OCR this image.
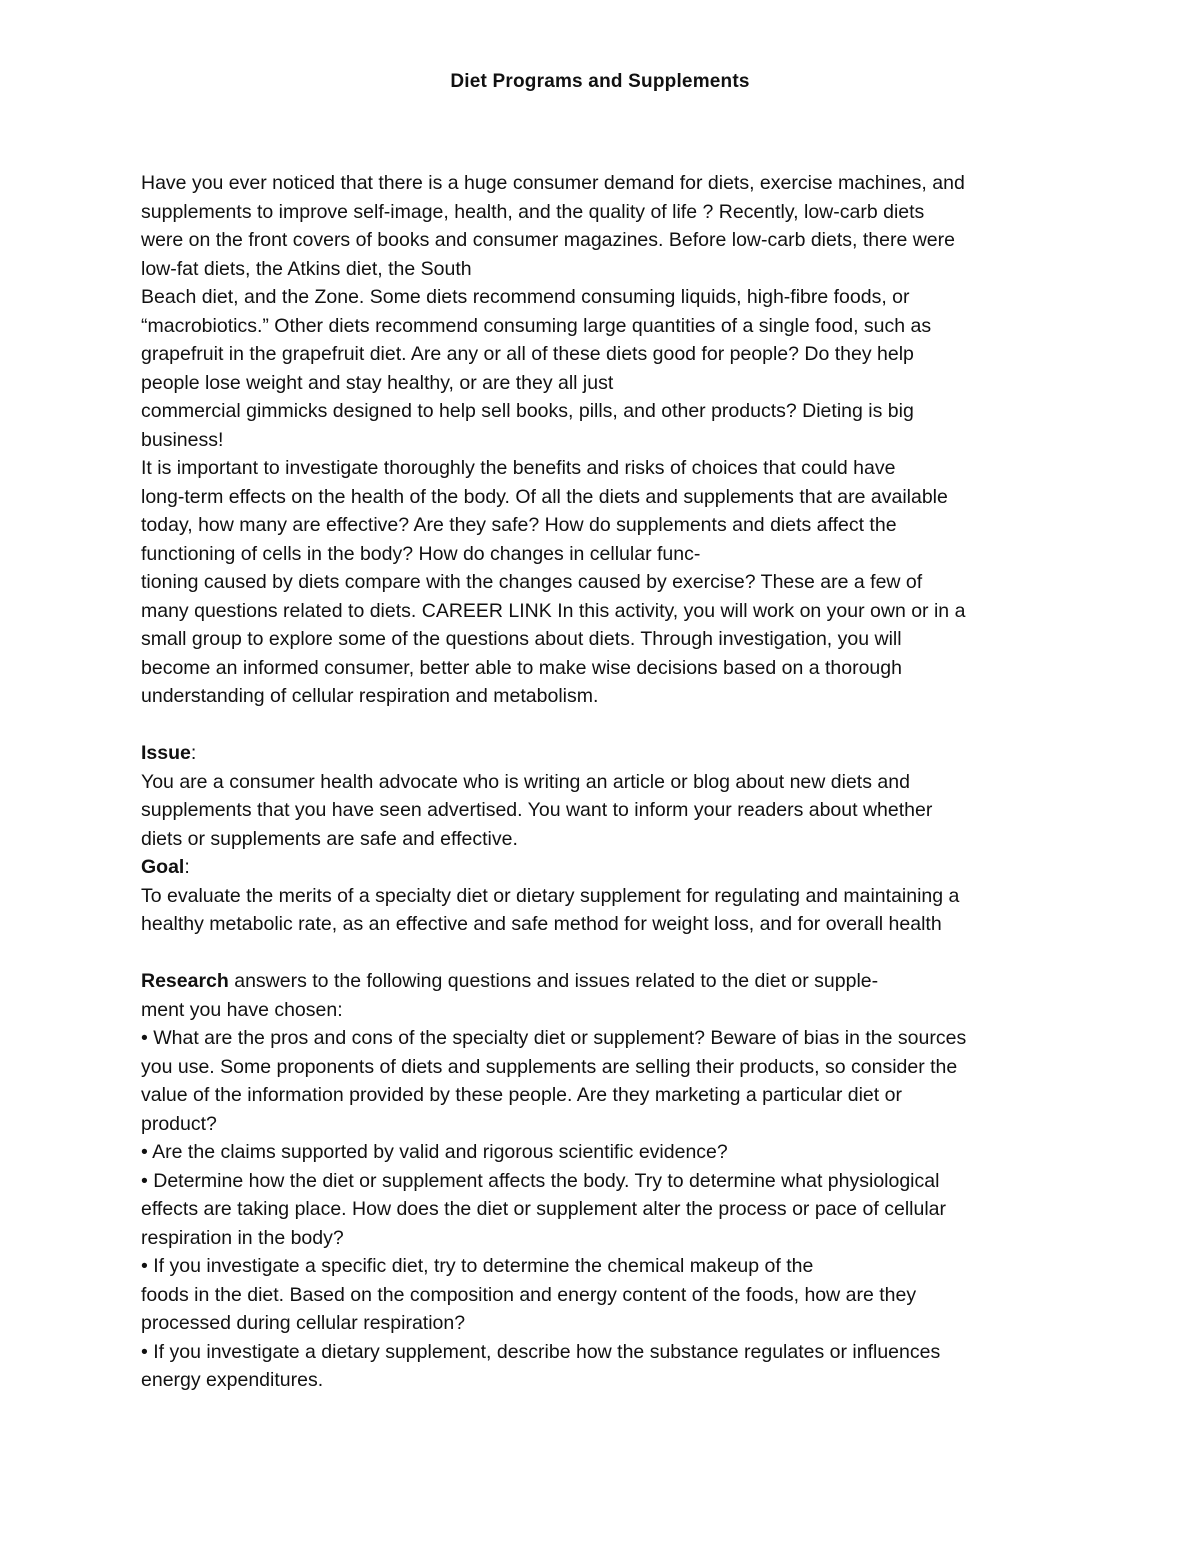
Diet Programs and Supplements
Have you ever noticed that there is a huge consumer demand for diets, exercise machines, and
supplements to improve self-image, health, and the quality of life ? Recently, low-carb diets
were on the front covers of books and consumer magazines. Before low-carb diets, there were
low-fat diets, the Atkins diet, the South
Beach diet, and the Zone. Some diets recommend consuming liquids, high-fibre foods, or
“macrobiotics.” Other diets recommend consuming large quantities of a single food, such as
grapefruit in the grapefruit diet. Are any or all of these diets good for people? Do they help
people lose weight and stay healthy, or are they all just
commercial gimmicks designed to help sell books, pills, and other products? Dieting is big
business!
It is important to investigate thoroughly the benefits and risks of choices that could have
long-term effects on the health of the body. Of all the diets and supplements that are available
today, how many are effective? Are they safe? How do supplements and diets affect the
functioning of cells in the body? How do changes in cellular func-
tioning caused by diets compare with the changes caused by exercise? These are a few of
many questions related to diets. CAREER LINK In this activity, you will work on your own or in a
small group to explore some of the questions about diets. Through investigation, you will
become an informed consumer, better able to make wise decisions based on a thorough
understanding of cellular respiration and metabolism.
Issue:
You are a consumer health advocate who is writing an article or blog about new diets and
supplements that you have seen advertised. You want to inform your readers about whether
diets or supplements are safe and effective.
Goal:
To evaluate the merits of a specialty diet or dietary supplement for regulating and maintaining a
healthy metabolic rate, as an effective and safe method for weight loss, and for overall health
Research answers to the following questions and issues related to the diet or supple-
ment you have chosen:
• What are the pros and cons of the specialty diet or supplement? Beware of bias in the sources
you use. Some proponents of diets and supplements are selling their products, so consider the
value of the information provided by these people. Are they marketing a particular diet or
product?
• Are the claims supported by valid and rigorous scientific evidence?
• Determine how the diet or supplement affects the body. Try to determine what physiological
effects are taking place. How does the diet or supplement alter the process or pace of cellular
respiration in the body?
• If you investigate a specific diet, try to determine the chemical makeup of the
foods in the diet. Based on the composition and energy content of the foods, how are they
processed during cellular respiration?
• If you investigate a dietary supplement, describe how the substance regulates or influences
energy expenditures.
